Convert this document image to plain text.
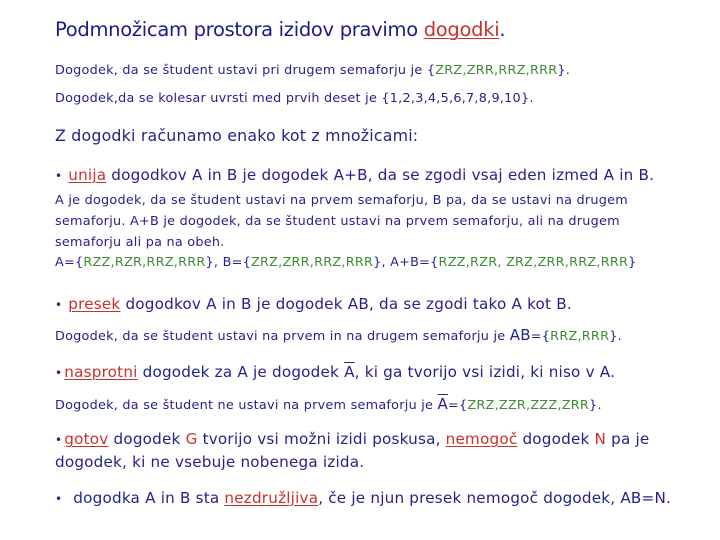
Podmnožicam prostora izidov pravimo dogodki.
Dogodek, da se študent ustavi pri drugem semaforju je {ZRZ,ZRR,RRZ,RRR}.
Dogodek,da se kolesar uvrsti med prvih deset je {1,2,3,4,5,6,7,8,9,10}.
Z dogodki računamo enako kot z množicami:
• unija dogodkov A in B je dogodek A+B, da se zgodi vsaj eden izmed A in B.
A je dogodek, da se študent ustavi na prvem semaforju, B pa, da se ustavi na drugem semaforju. A+B je dogodek, da se študent ustavi na prvem semaforju, ali na drugem semaforju ali pa na obeh.
A={RZZ,RZR,RRZ,RRR}, B={ZRZ,ZRR,RRZ,RRR}, A+B={RZZ,RZR, ZRZ,ZRR,RRZ,RRR}
• presek dogodkov A in B je dogodek AB, da se zgodi tako A kot B.
Dogodek, da se študent ustavi na prvem in na drugem semaforju je AB={RRZ,RRR}.
• nasprotni dogodek za A je dogodek $\overline{A}$, ki ga tvorijo vsi izidi, ki niso v A.
Dogodek, da se študent ne ustavi na prvem semaforju je $\overline{A}=\{ZRZ,ZZR,ZZZ,ZRR\}$.
• gotov dogodek G tvorijo vsi možni izidi poskusa, nemogoč dogodek N pa je dogodek, ki ne vsebuje nobenega izida.
• dogodka A in B sta nezdružljiva, če je njun presek nemogoč dogodek, AB=N.
